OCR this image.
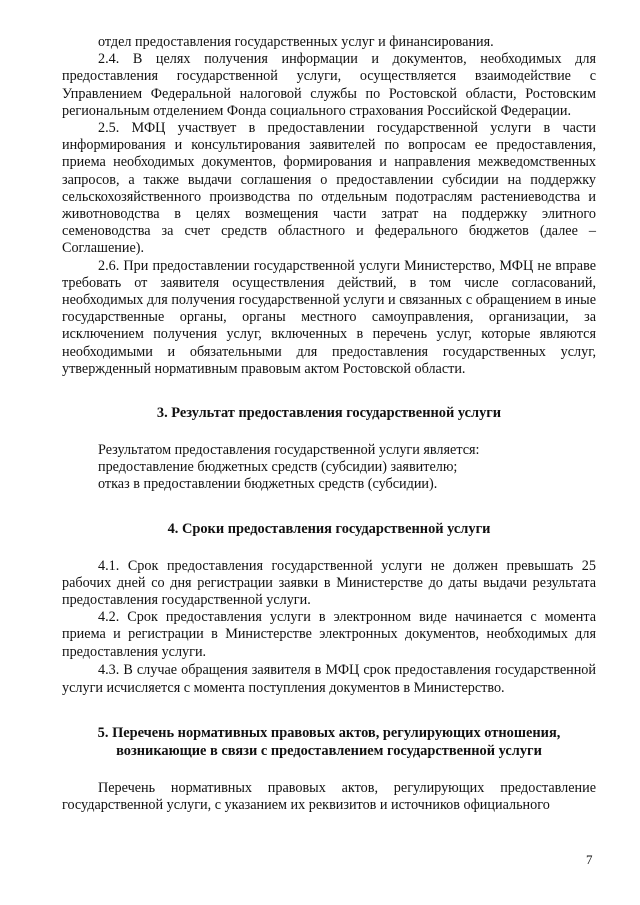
отдел предоставления государственных услуг и финансирования.

2.4. В целях получения информации и документов, необходимых для предоставления государственной услуги, осуществляется взаимодействие с Управлением Федеральной налоговой службы по Ростовской области, Ростовским региональным отделением Фонда социального страхования Российской Федерации.

2.5. МФЦ участвует в предоставлении государственной услуги в части информирования и консультирования заявителей по вопросам ее предоставления, приема необходимых документов, формирования и направления межведомственных запросов, а также выдачи соглашения о предоставлении субсидии на поддержку сельскохозяйственного производства по отдельным подотраслям растениеводства и животноводства в целях возмещения части затрат на поддержку элитного семеноводства за счет средств областного и федерального бюджетов (далее – Соглашение).

2.6. При предоставлении государственной услуги Министерство, МФЦ не вправе требовать от заявителя осуществления действий, в том числе согласований, необходимых для получения государственной услуги и связанных с обращением в иные государственные органы, органы местного самоуправления, организации, за исключением получения услуг, включенных в перечень услуг, которые являются необходимыми и обязательными для предоставления государственных услуг, утвержденный нормативным правовым актом Ростовской области.

3. Результат предоставления государственной услуги

Результатом предоставления государственной услуги является:

предоставление бюджетных средств (субсидии) заявителю;

отказ в предоставлении бюджетных средств (субсидии).

4. Сроки предоставления государственной услуги

4.1. Срок предоставления государственной услуги не должен превышать 25 рабочих дней со дня регистрации заявки в Министерстве до даты выдачи результата предоставления государственной услуги.

4.2. Срок предоставления услуги в электронном виде начинается с момента приема и регистрации в Министерстве электронных документов, необходимых для предоставления услуги.

4.3. В случае обращения заявителя в МФЦ срок предоставления государственной услуги исчисляется с момента поступления документов в Министерство.

5. Перечень нормативных правовых актов, регулирующих отношения,
возникающие в связи с предоставлением государственной услуги

Перечень нормативных правовых актов, регулирующих предоставление государственной услуги, с указанием их реквизитов и источников официального

7
